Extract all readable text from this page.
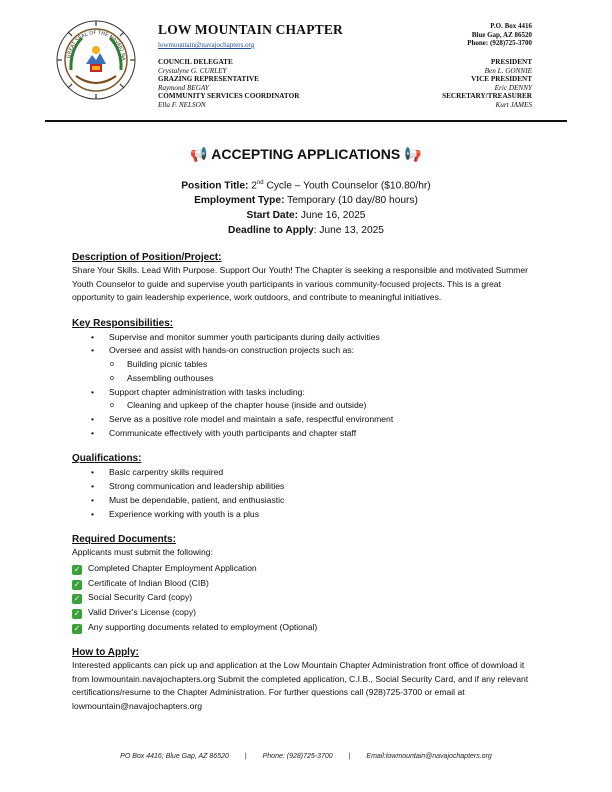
GREAT SEAL OF THE NAVAJO NA
LOW MOUNTAIN CHAPTER
lowmountain@navajochapters.org
P.O. Box 4416
Blue Gap, AZ 86520
Phone: (928)725-3700
COUNCIL DELEGATE
Crystalyne G. CURLEY
GRAZING REPRESENTATIVE
Raymond BEGAY
COMMUNITY SERVICES COORDINATOR
Ella F. NELSON
PRESIDENT
Ben L. GONNIE
VICE PRESIDENT
Eric DENNY
SECRETARY/TREASURER
Kurt JAMES
📢 ACCEPTING APPLICATIONS 📢
Position Title: 2nd Cycle – Youth Counselor ($10.80/hr)
Employment Type: Temporary (10 day/80 hours)
Start Date: June 16, 2025
Deadline to Apply: June 13, 2025

Description of Position/Project:

Share Your Skills. Lead With Purpose. Support Our Youth! The Chapter is seeking a responsible and motivated Summer Youth Counselor to guide and supervise youth participants in various community-focused projects. This is a great opportunity to gain leadership experience, work outdoors, and contribute to meaningful initiatives.

Key Responsibilities:

• Supervise and monitor summer youth participants during daily activities
• Oversee and assist with hands-on construction projects such as:
o Building picnic tables
o Assembling outhouses
• Support chapter administration with tasks including:
o Cleaning and upkeep of the chapter house (inside and outside)
• Serve as a positive role model and maintain a safe, respectful environment
• Communicate effectively with youth participants and chapter staff

Qualifications:

• Basic carpentry skills required
• Strong communication and leadership abilities
• Must be dependable, patient, and enthusiastic
• Experience working with youth is a plus

Required Documents:

Applicants must submit the following:

✓ Completed Chapter Employment Application
✓ Certificate of Indian Blood (CIB)
✓ Social Security Card (copy)
✓ Valid Driver's License (copy)
✓ Any supporting documents related to employment (Optional)

How to Apply:

Interested applicants can pick up and application at the Low Mountain Chapter Administration front office of download it from lowmountain.navajochapters.org Submit the completed application, C.I.B., Social Security Card, and if any relevant certifications/resume to the Chapter Administration. For further questions call (928)725-3700 or email at lowmountain@navajochapters.org

PO Box 4416; Blue Gap, AZ 86520 | Phone: (928)725-3700 | Email:lowmountain@navajochapters.org
